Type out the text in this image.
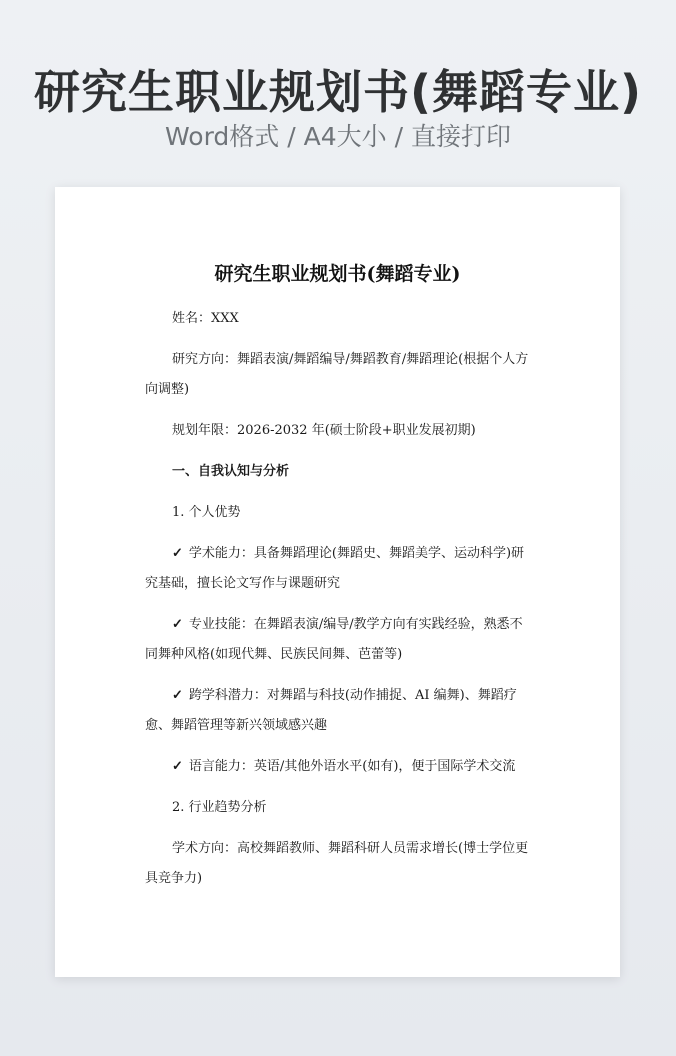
研究生职业规划书(舞蹈专业)
Word格式 / A4大小 / 直接打印
研究生职业规划书(舞蹈专业)

姓名：XXX

研究方向：舞蹈表演/舞蹈编导/舞蹈教育/舞蹈理论(根据个人方向调整)

规划年限：2026-2032 年(硕士阶段+职业发展初期)

一、自我认知与分析

1. 个人优势

✓ 学术能力：具备舞蹈理论(舞蹈史、舞蹈美学、运动科学)研究基础，擅长论文写作与课题研究

✓ 专业技能：在舞蹈表演/编导/教学方向有实践经验，熟悉不同舞种风格(如现代舞、民族民间舞、芭蕾等)

✓ 跨学科潜力：对舞蹈与科技(动作捕捉、AI 编舞)、舞蹈疗愈、舞蹈管理等新兴领域感兴趣

✓ 语言能力：英语/其他外语水平(如有)，便于国际学术交流

2. 行业趋势分析

学术方向：高校舞蹈教师、舞蹈科研人员需求增长(博士学位更具竞争力)
